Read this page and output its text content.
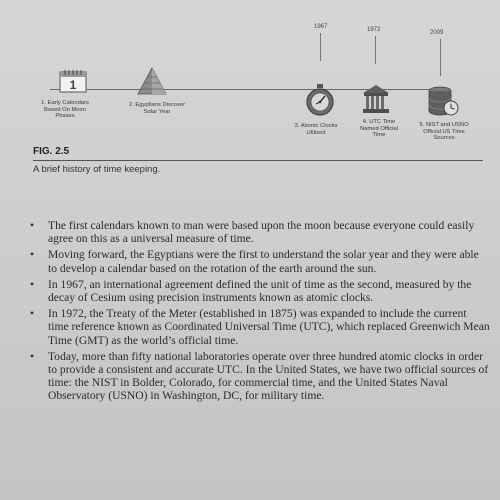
1967	1972	2009
1
1. Early Calendars
Based On Moon
Phases
2. Egyptians Discover
Solar Year
3. Atomic Clocks
Utilized
4. UTC Time
Named Official
Time
5. NIST and USNO
Official US Time
Sources
FIG. 2.5
A brief history of time keeping.
• The first calendars known to man were based upon the moon because everyone could easily agree on this as a universal measure of time.
• Moving forward, the Egyptians were the first to understand the solar year and they were able to develop a calendar based on the rotation of the earth around the sun.
• In 1967, an international agreement defined the unit of time as the second, measured by the decay of Cesium using precision instruments known as atomic clocks.
• In 1972, the Treaty of the Meter (established in 1875) was expanded to include the current time reference known as Coordinated Universal Time (UTC), which replaced Greenwich Mean Time (GMT) as the world’s official time.
• Today, more than fifty national laboratories operate over three hundred atomic clocks in order to provide a consistent and accurate UTC. In the United States, we have two official sources of time: the NIST in Bolder, Colorado, for commercial time, and the United States Naval Observatory (USNO) in Washington, DC, for military time.
